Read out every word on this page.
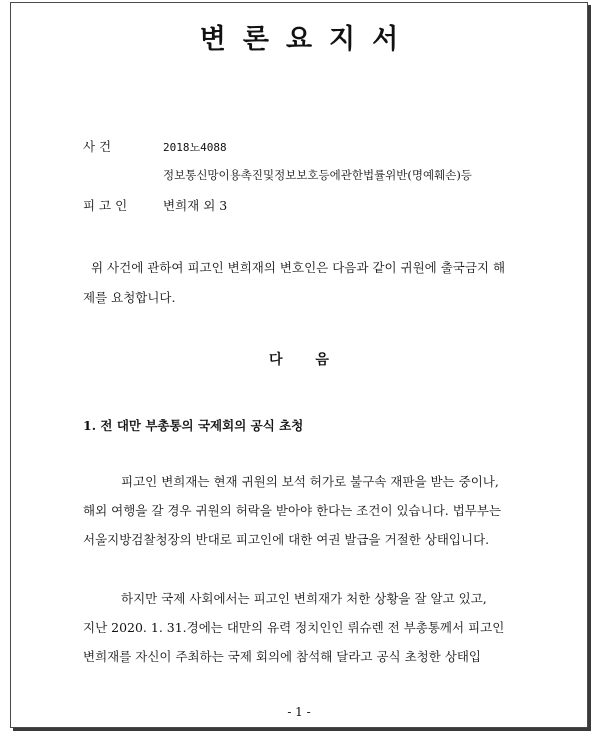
변론요지서
사 건	2018노4088
정보통신망이용촉진및정보보호등에관한법률위반(명예훼손)등
피 고 인	변희재 외 3
위 사건에 관하여 피고인 변희재의 변호인은 다음과 같이 귀원에 출국금지 해
제를 요청합니다.
다 음
1. 전 대만 부총통의 국제회의 공식 초청
피고인 변희재는 현재 귀원의 보석 허가로 불구속 재판을 받는 중이나,
해외 여행을 갈 경우 귀원의 허락을 받아야 한다는 조건이 있습니다. 법무부는
서울지방검찰청장의 반대로 피고인에 대한 여권 발급을 거절한 상태입니다.
하지만 국제 사회에서는 피고인 변희재가 처한 상황을 잘 알고 있고,
지난 2020. 1. 31.경에는 대만의 유력 정치인인 뤼슈렌 전 부총통께서 피고인
변희재를 자신이 주최하는 국제 회의에 참석해 달라고 공식 초청한 상태입
- 1 -
